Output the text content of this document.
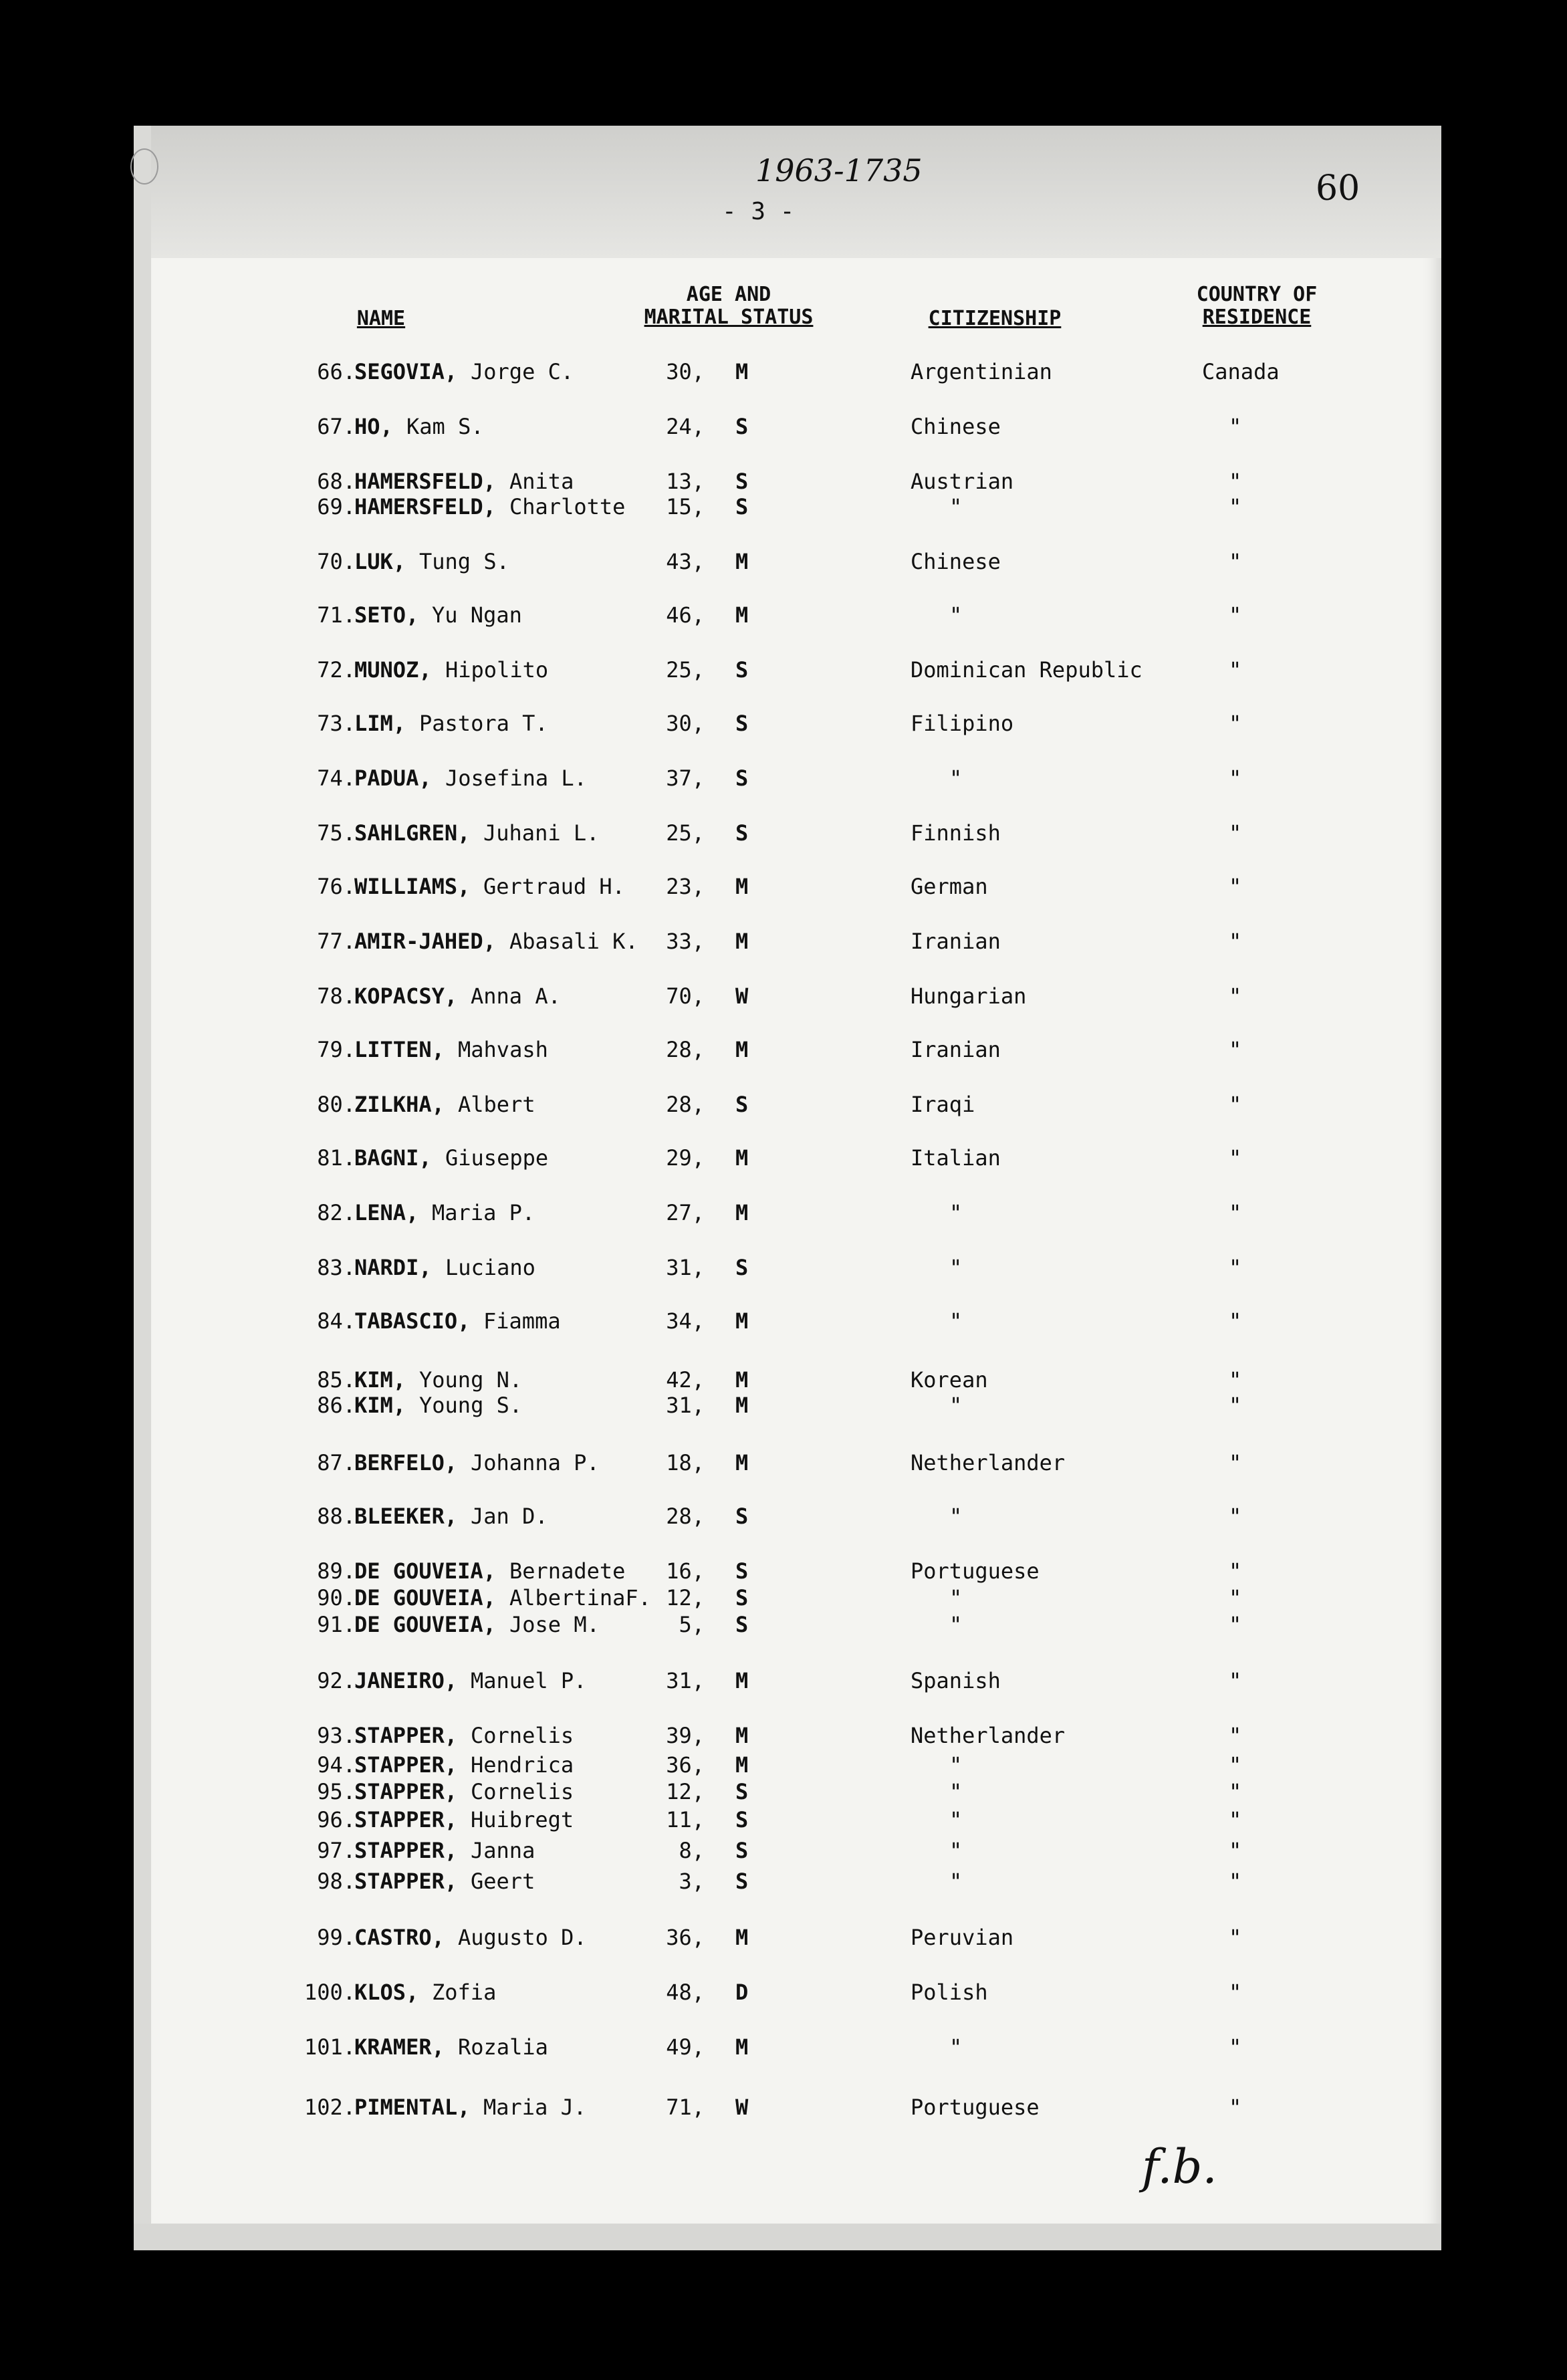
1963-1735

- 3 -

60

NAME
AGE AND
MARITAL STATUS	CITIZENSHIP
COUNTRY OF
RESIDENCE
66.
SEGOVIA, Jorge C.	30, M	Argentinian	Canada
67.
HO, Kam S.	24, S	Chinese	"
68.
HAMERSFELD, Anita	13, S	Austrian	"
69.
HAMERSFELD, Charlotte	15, S	"	"
70.
LUK, Tung S.	43, M	Chinese	"
71.
SETO, Yu Ngan	46, M	"	"
72.
MUNOZ, Hipolito	25, S	Dominican Republic	"
73.
LIM, Pastora T.	30, S	Filipino	"
74.
PADUA, Josefina L.	37, S	"	"
75.
SAHLGREN, Juhani L.	25, S	Finnish	"
76.
WILLIAMS, Gertraud H.	23, M	German	"
77.
AMIR-JAHED, Abasali K.	33, M	Iranian	"
78.
KOPACSY, Anna A.	70, W	Hungarian	"
79.
LITTEN, Mahvash	28, M	Iranian	"
80.
ZILKHA, Albert	28, S	Iraqi	"
81.
BAGNI, Giuseppe	29, M	Italian	"
82.
LENA, Maria P.	27, M	"	"
83.
NARDI, Luciano	31, S	"	"
84.
TABASCIO, Fiamma	34, M	"	"
85.
KIM, Young N.	42, M	Korean	"
86.
KIM, Young S.	31, M	"	"
87.
BERFELO, Johanna P.	18, M	Netherlander	"
88.
BLEEKER, Jan D.	28, S	"	"
89.
DE GOUVEIA, Bernadete	16, S	Portuguese	"
90.
DE GOUVEIA, AlbertinaF. 12, S	"	"
91.
DE GOUVEIA, Jose M.	5, S	"	"
92.
JANEIRO, Manuel P.	31, M	Spanish	"
93.
STAPPER, Cornelis	39, M	Netherlander	"
94.
STAPPER, Hendrica	36, M	"	"
95.
STAPPER, Cornelis	12, S	"	"
96.
STAPPER, Huibregt	11, S	"	"
97.
STAPPER, Janna	8, S	"	"
98.
STAPPER, Geert	3, S	"	"
99.
CASTRO, Augusto D.	36, M	Peruvian	"
100.
KLOS, Zofia	48, D	Polish	"
101.
KRAMER, Rozalia	49, M	"	"
102.
PIMENTAL, Maria J.	71, W	Portuguese	"

f.b.
